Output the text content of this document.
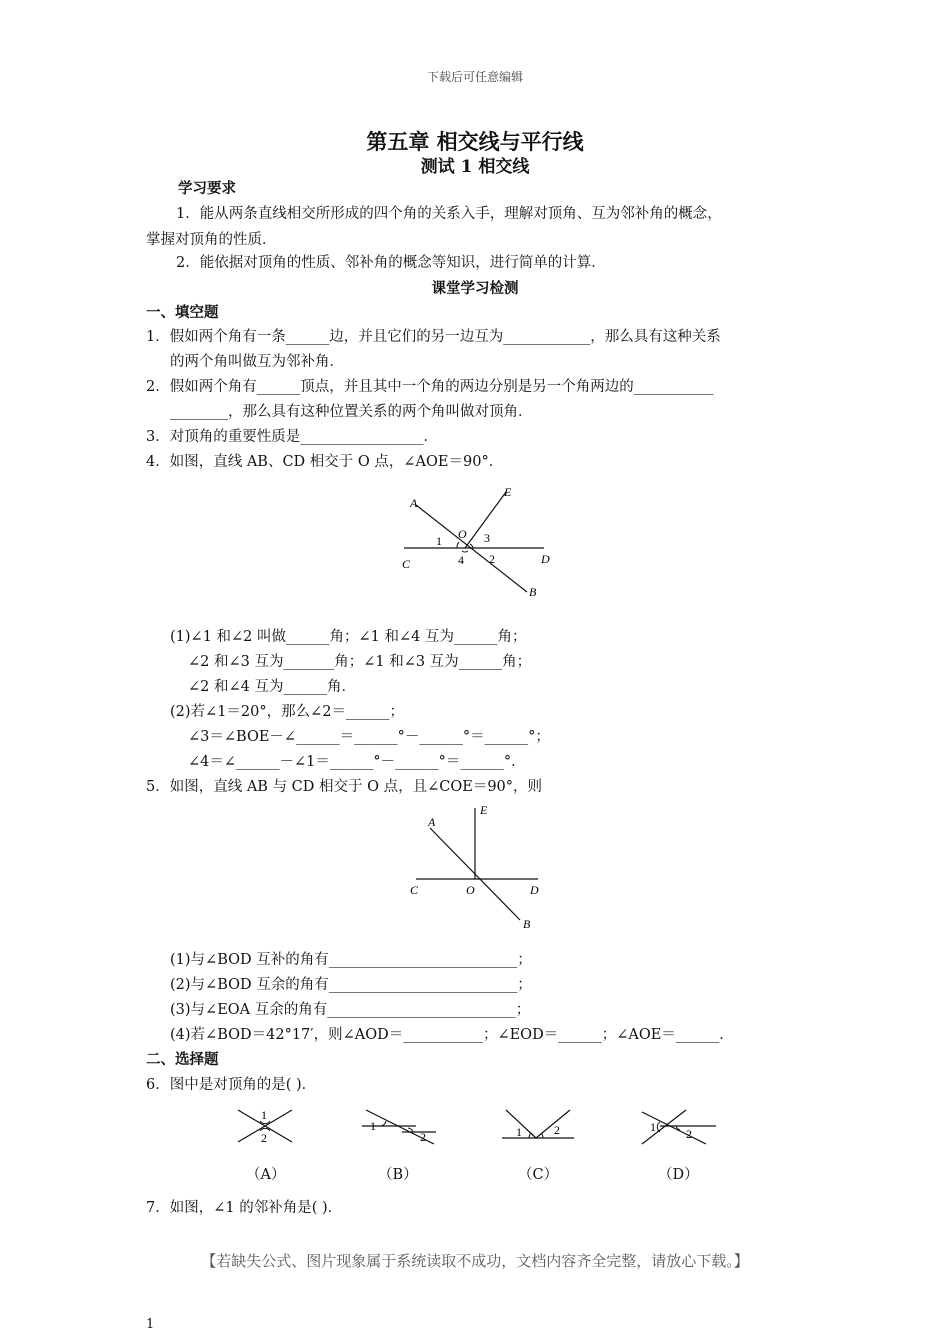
下载后可任意编辑
第五章 相交线与平行线
测试 1 相交线
学习要求
1．能从两条直线相交所形成的四个角的关系入手，理解对顶角、互为邻补角的概念，
掌握对顶角的性质．
2．能依据对顶角的性质、邻补角的概念等知识，进行简单的计算．
课堂学习检测
一、填空题
1．假如两个角有一条______边，并且它们的另一边互为____________，那么具有这种关系
的两个角叫做互为邻补角．
2．假如两个角有______顶点，并且其中一个角的两边分别是另一个角两边的___________
________，那么具有这种位置关系的两个角叫做对顶角．
3．对顶角的重要性质是_________________．
4．如图，直线 AB、CD 相交于 O 点，∠AOE＝90°．
A
E
O
C	D
B
1	3
4 2
(1)∠1 和∠2 叫做______角；∠1 和∠4 互为______角；
∠2 和∠3 互为_______角；∠1 和∠3 互为______角；
∠2 和∠4 互为______角．
(2)若∠1＝20°，那么∠2＝______；
∠3＝∠BOE－∠______＝______°－______°＝______°；
∠4＝∠______－∠1＝______°－______°＝______°．
5．如图，直线 AB 与 CD 相交于 O 点，且∠COE＝90°，则
A
E
C	O	D
B
(1)与∠BOD 互补的角有__________________________；
(2)与∠BOD 互余的角有__________________________；
(3)与∠EOA 互余的角有__________________________；
(4)若∠BOD＝42°17′，则∠AOD＝___________；∠EOD＝______；∠AOE＝______．
二、选择题
6．图中是对顶角的是( )．
1
2
（A）
1
2
（B）
1	2
（C）
1	2
（D）
7．如图，∠1 的邻补角是( )．
【若缺失公式、图片现象属于系统读取不成功，文档内容齐全完整，请放心下载。】
1
